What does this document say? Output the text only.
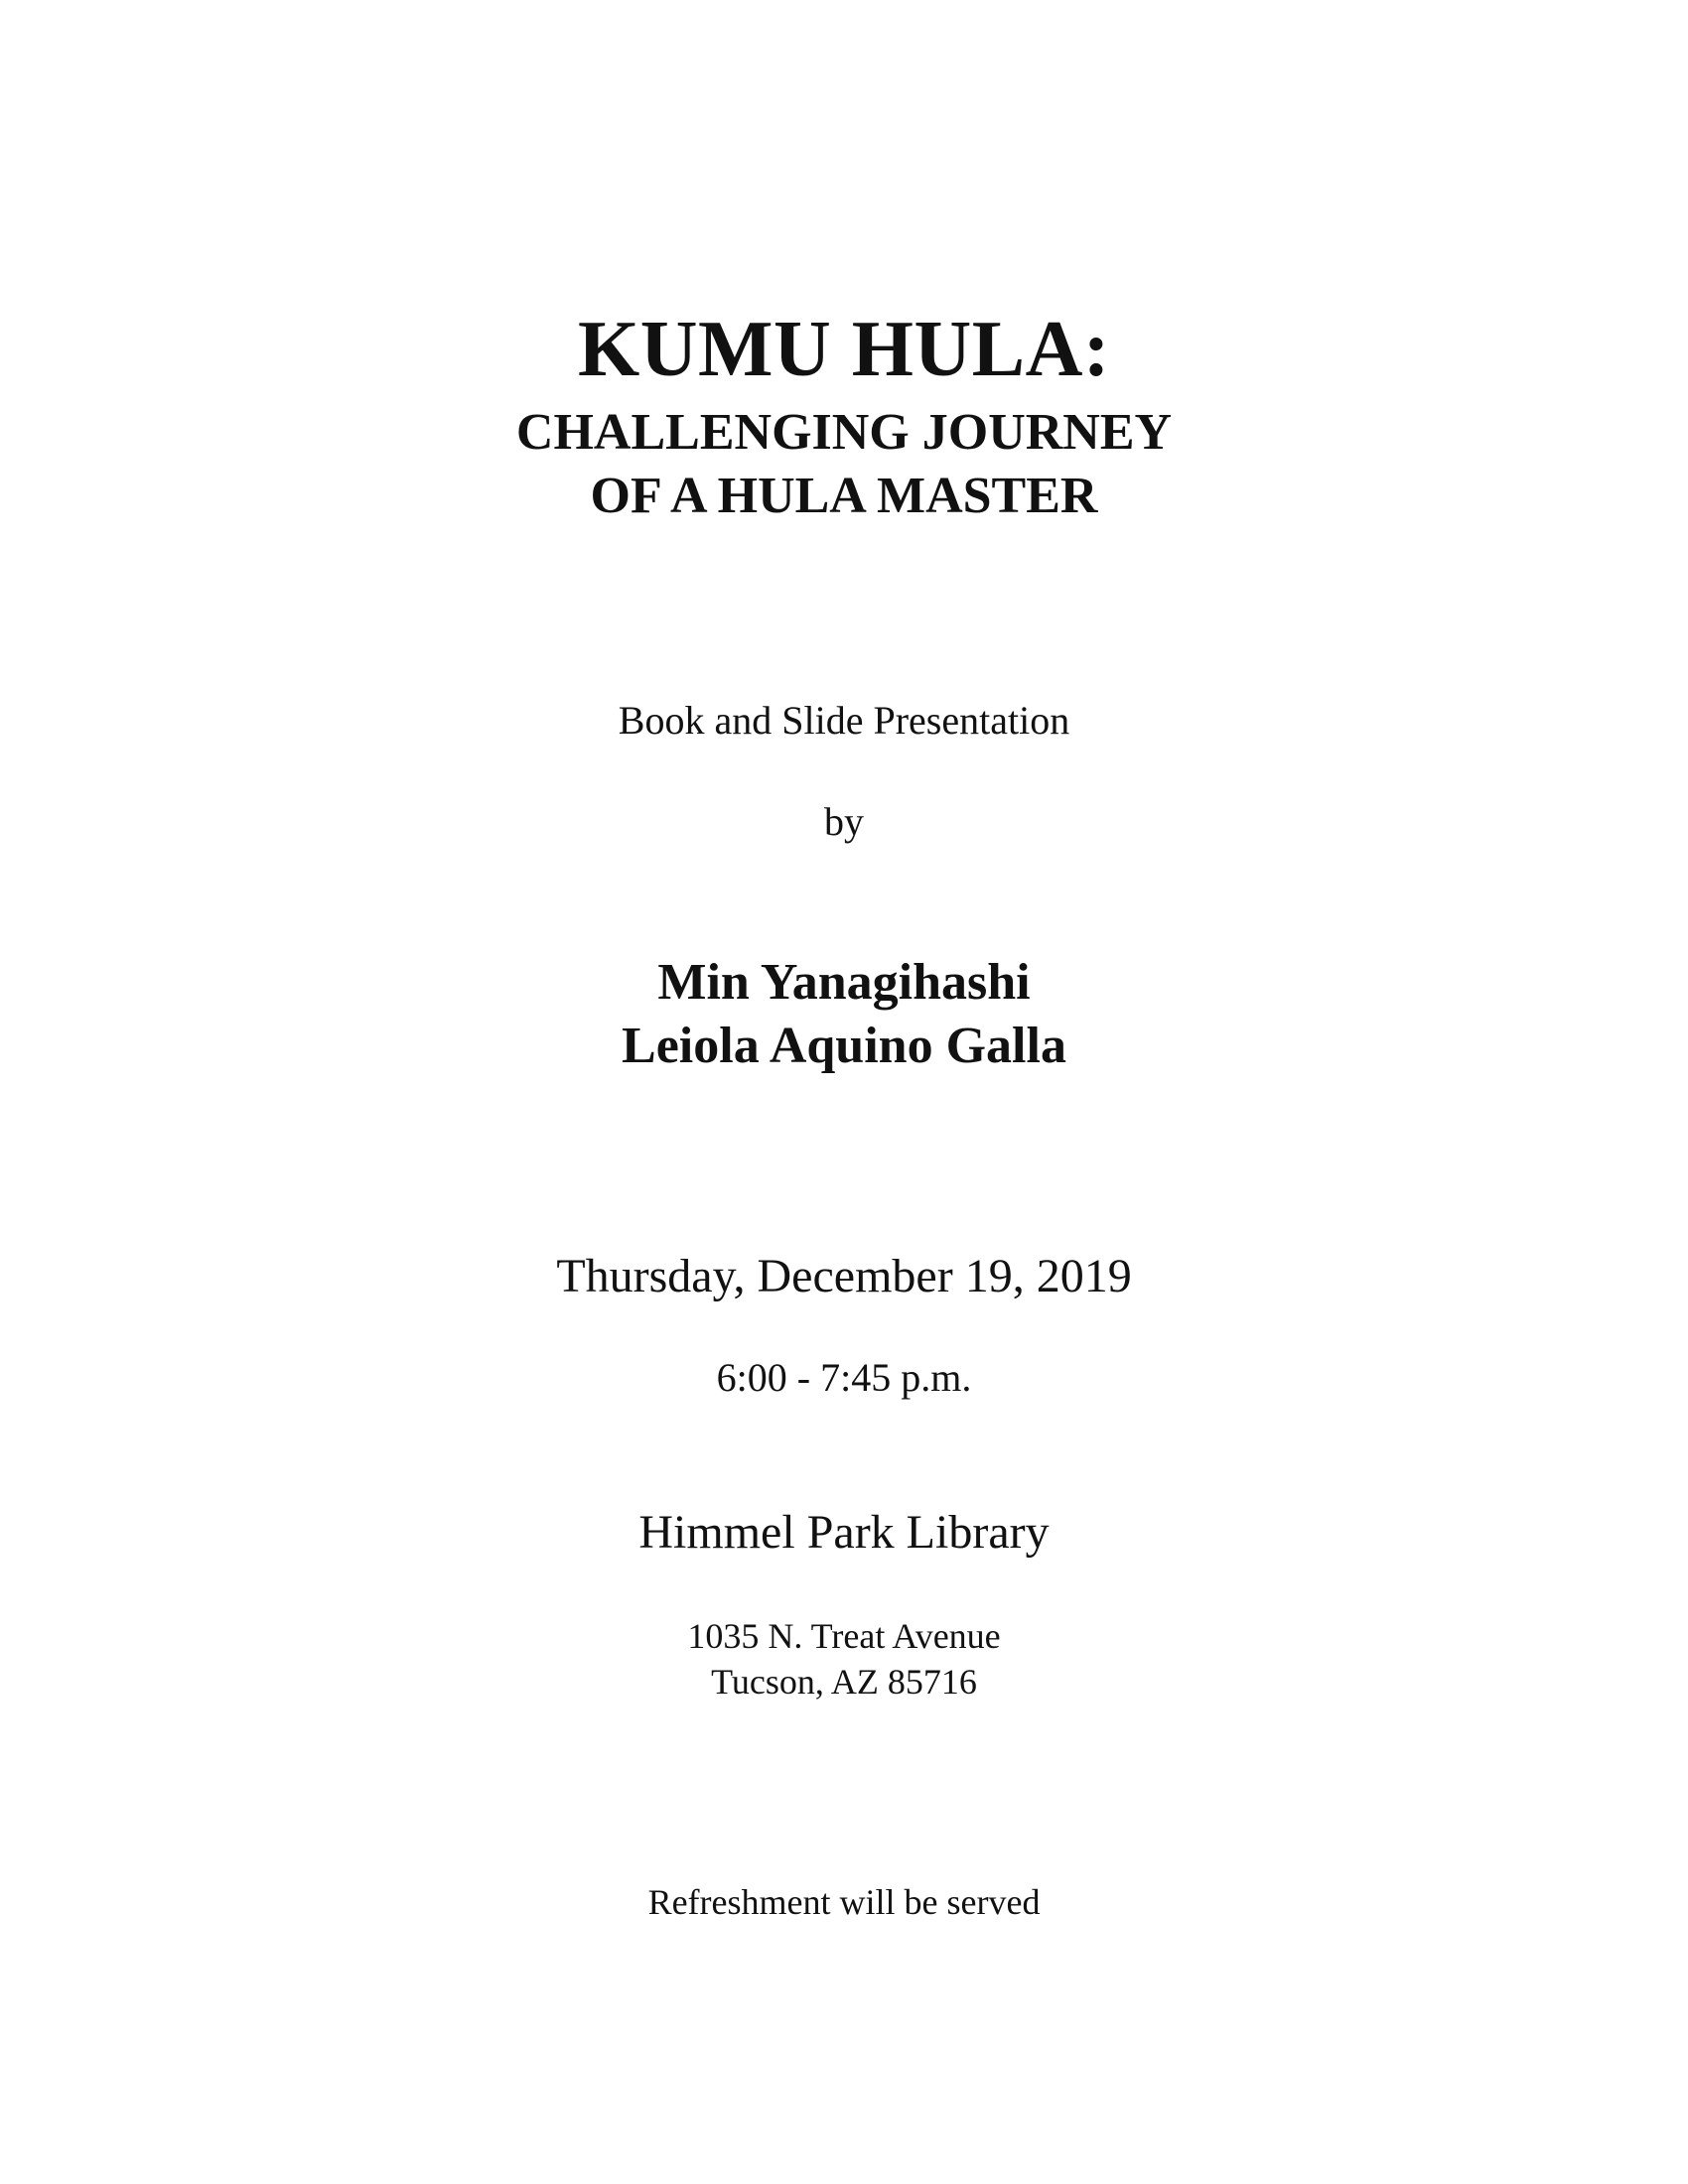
KUMU HULA:
CHALLENGING JOURNEY
OF A HULA MASTER

Book and Slide Presentation

by

Min Yanagihashi

Leiola Aquino Galla

Thursday, December 19, 2019

6:00 - 7:45 p.m.

Himmel Park Library

1035 N. Treat Avenue

Tucson, AZ 85716

Refreshment will be served
